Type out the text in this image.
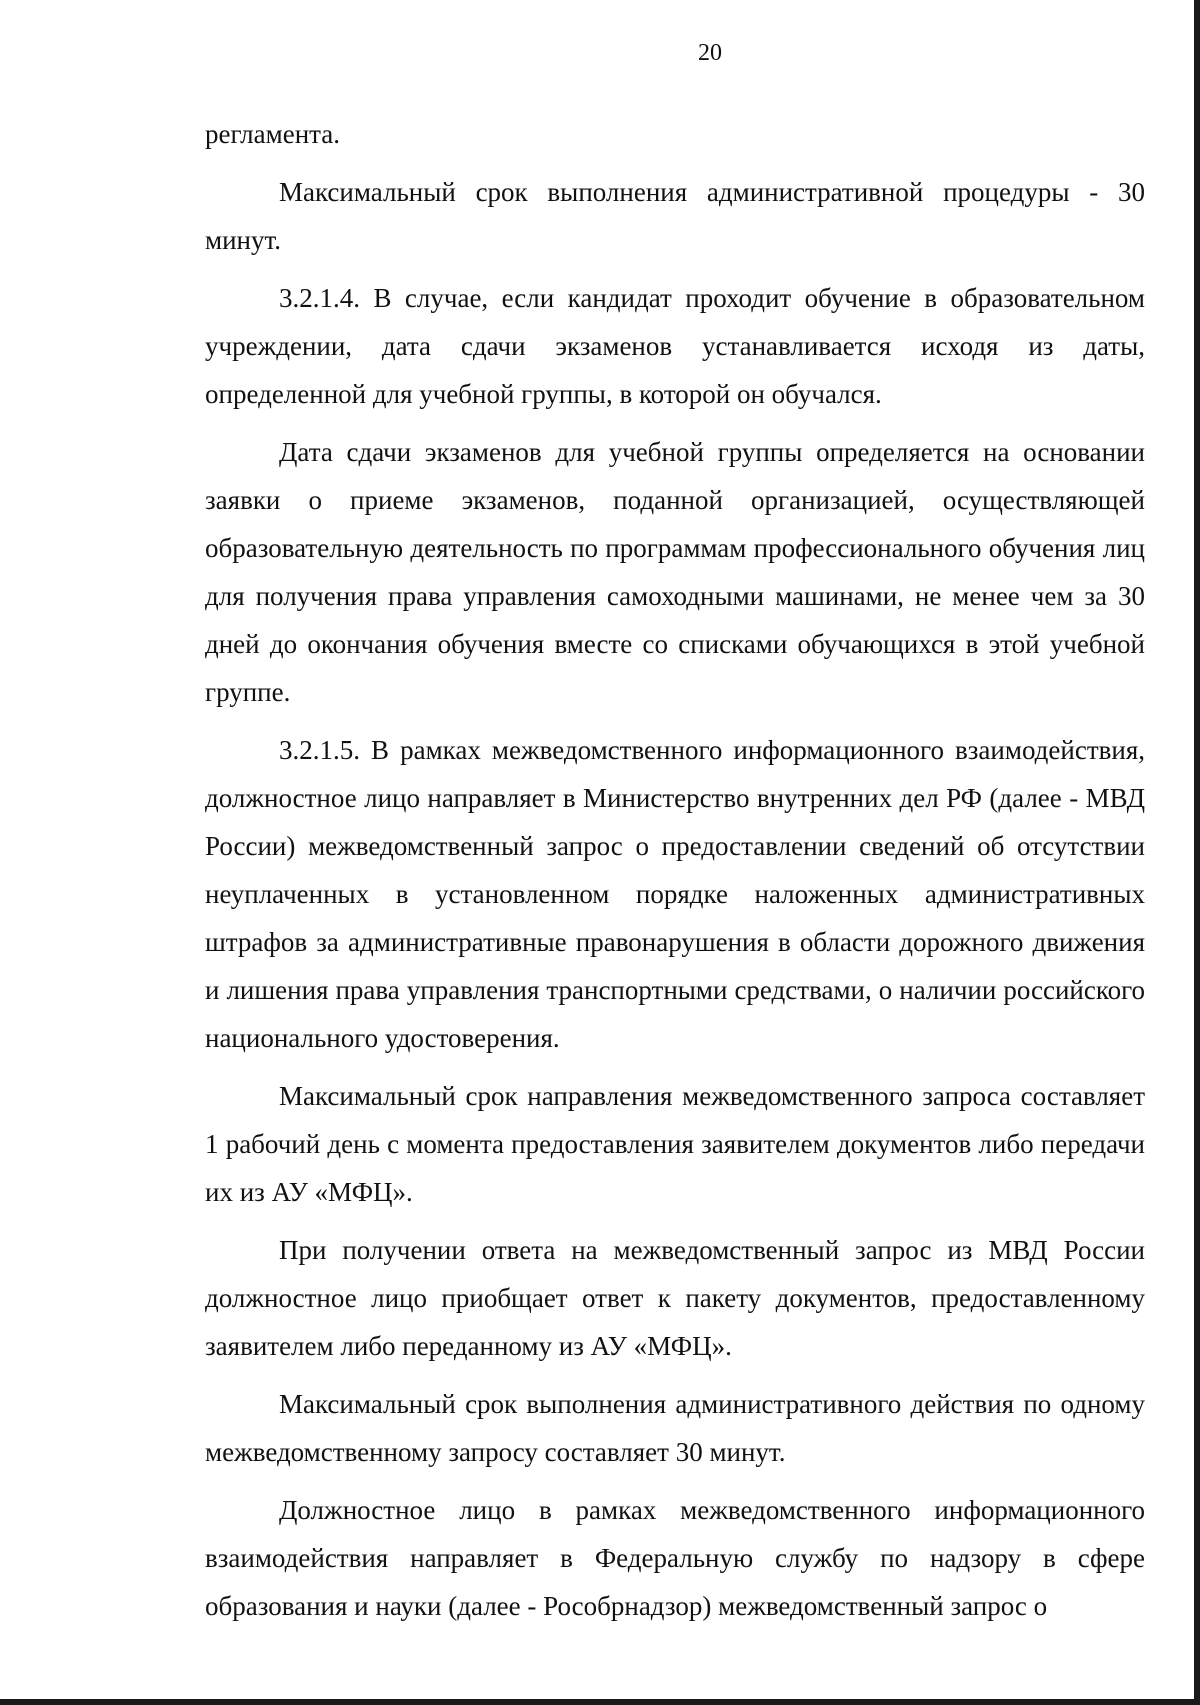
20

регламента.

Максимальный срок выполнения административной процедуры - 30 минут.

3.2.1.4. В случае, если кандидат проходит обучение в образовательном учреждении, дата сдачи экзаменов устанавливается исходя из даты, определенной для учебной группы, в которой он обучался.

Дата сдачи экзаменов для учебной группы определяется на основании заявки о приеме экзаменов, поданной организацией, осуществляющей образовательную деятельность по программам профессионального обучения лиц для получения права управления самоходными машинами, не менее чем за 30 дней до окончания обучения вместе со списками обучающихся в этой учебной группе.

3.2.1.5. В рамках межведомственного информационного взаимодействия, должностное лицо направляет в Министерство внутренних дел РФ (далее - МВД России) межведомственный запрос о предоставлении сведений об отсутствии неуплаченных в установленном порядке наложенных административных штрафов за административные правонарушения в области дорожного движения и лишения права управления транспортными средствами, о наличии российского национального удостоверения.

Максимальный срок направления межведомственного запроса составляет 1 рабочий день с момента предоставления заявителем документов либо передачи их из АУ «МФЦ».

При получении ответа на межведомственный запрос из МВД России должностное лицо приобщает ответ к пакету документов, предоставленному заявителем либо переданному из АУ «МФЦ».

Максимальный срок выполнения административного действия по одному межведомственному запросу составляет 30 минут.

Должностное лицо в рамках межведомственного информационного взаимодействия направляет в Федеральную службу по надзору в сфере образования и науки (далее - Рособрнадзор) межведомственный запрос о
